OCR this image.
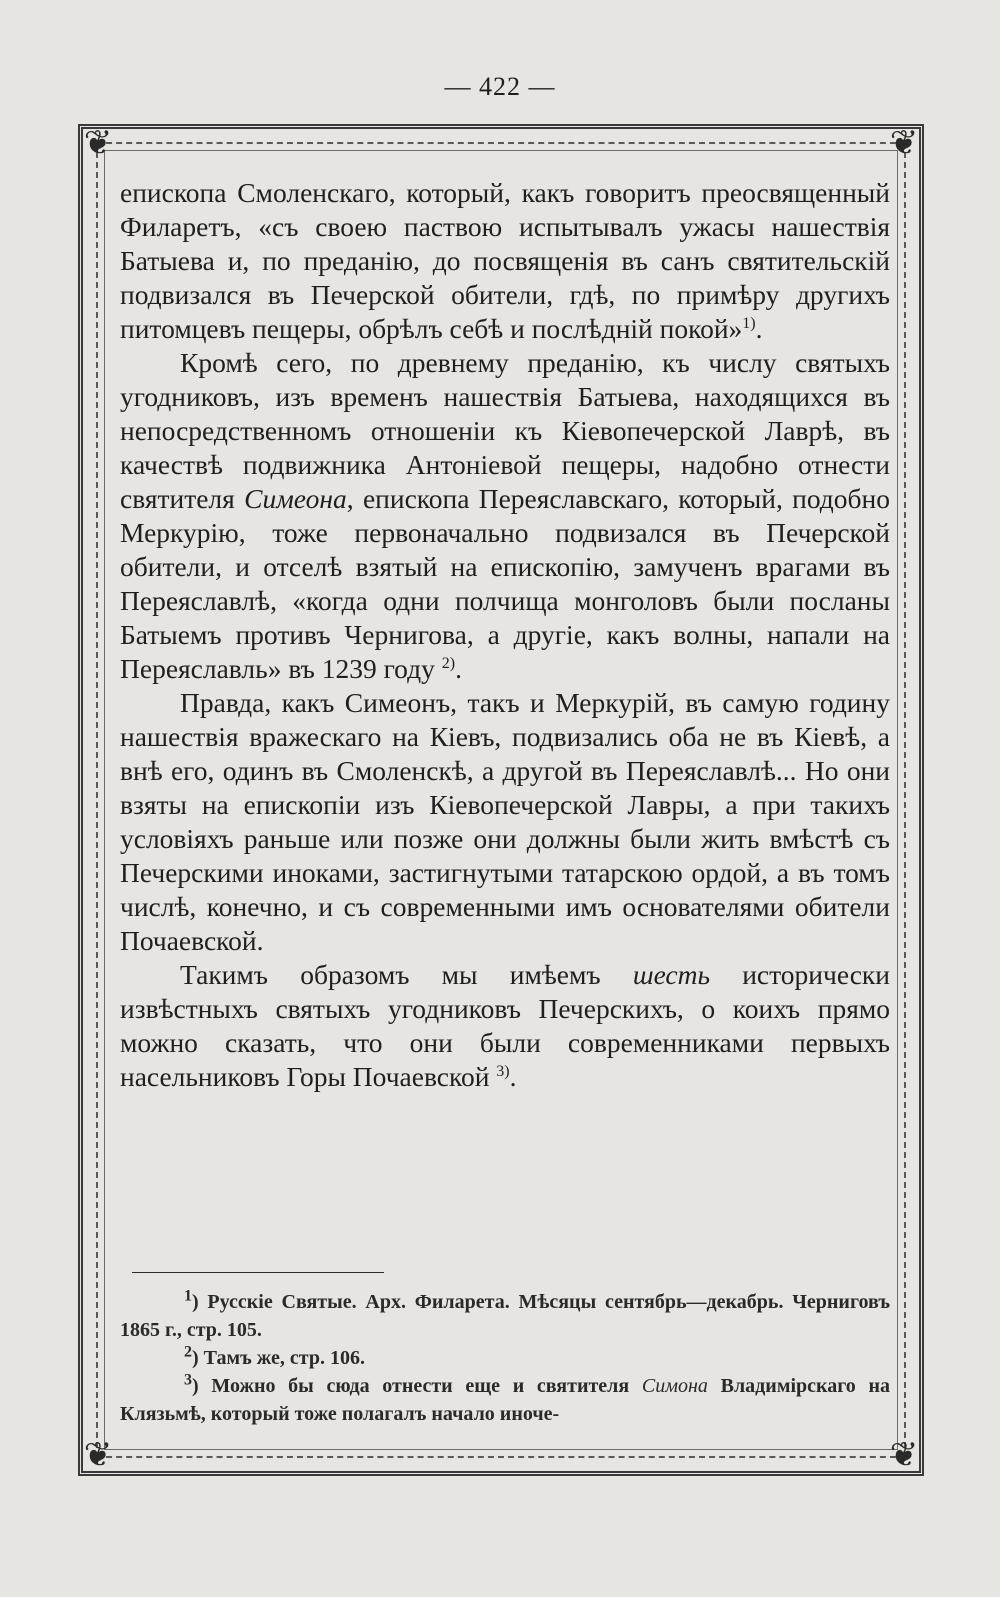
— 422 —
❦	❦
❦	❦

епископа Смоленскаго, который, какъ говоритъ преосвященный Филаретъ, «съ своею паствою испытывалъ ужасы нашествія Батыева и, по преданію, до посвященія въ санъ святительскій подвизался въ Печерской обители, гдѣ, по примѣру другихъ питомцевъ пещеры, обрѣлъ себѣ и послѣдній покой»$^{1)}$.

Кромѣ сего, по древнему преданію, къ числу святыхъ угодниковъ, изъ временъ нашествія Батыева, находящихся въ непосредственномъ отношеніи къ Кіевопечерской Лаврѣ, въ качествѣ подвижника Антоніевой пещеры, надобно отнести святителя Симеона, епископа Переяславскаго, который, подобно Меркурію, тоже первоначально подвизался въ Печерской обители, и отселѣ взятый на епископію, замученъ врагами въ Переяславлѣ, «когда одни полчища монголовъ были посланы Батыемъ противъ Чернигова, а другіе, какъ волны, напали на Переяславль» въ 1239 году $^{2)}$.

Правда, какъ Симеонъ, такъ и Меркурій, въ самую годину нашествія вражескаго на Кіевъ, подвизались оба не въ Кіевѣ, а внѣ его, одинъ въ Смоленскѣ, а другой въ Переяславлѣ... Но они взяты на епископіи изъ Кіевопечерской Лавры, а при такихъ условіяхъ раньше или позже они должны были жить вмѣстѣ съ Печерскими иноками, застигнутыми татарскою ордой, а въ томъ числѣ, конечно, и съ современными имъ основателями обители Почаевской.

Такимъ образомъ мы имѣемъ шесть исторически извѣстныхъ святыхъ угодниковъ Печерскихъ, о коихъ прямо можно сказать, что они были современниками первыхъ насельниковъ Горы Почаевской $^{3)}$.

$^1$) Русскіе Святые. Арх. Филарета. Мѣсяцы сентябрь—декабрь. Черниговъ 1865 г., стр. 105.

$^2$) Тамъ же, стр. 106.

$^3$) Можно бы сюда отнести еще и святителя Симона Владимірскаго на Клязьмѣ, который тоже полагалъ начало иноче-
